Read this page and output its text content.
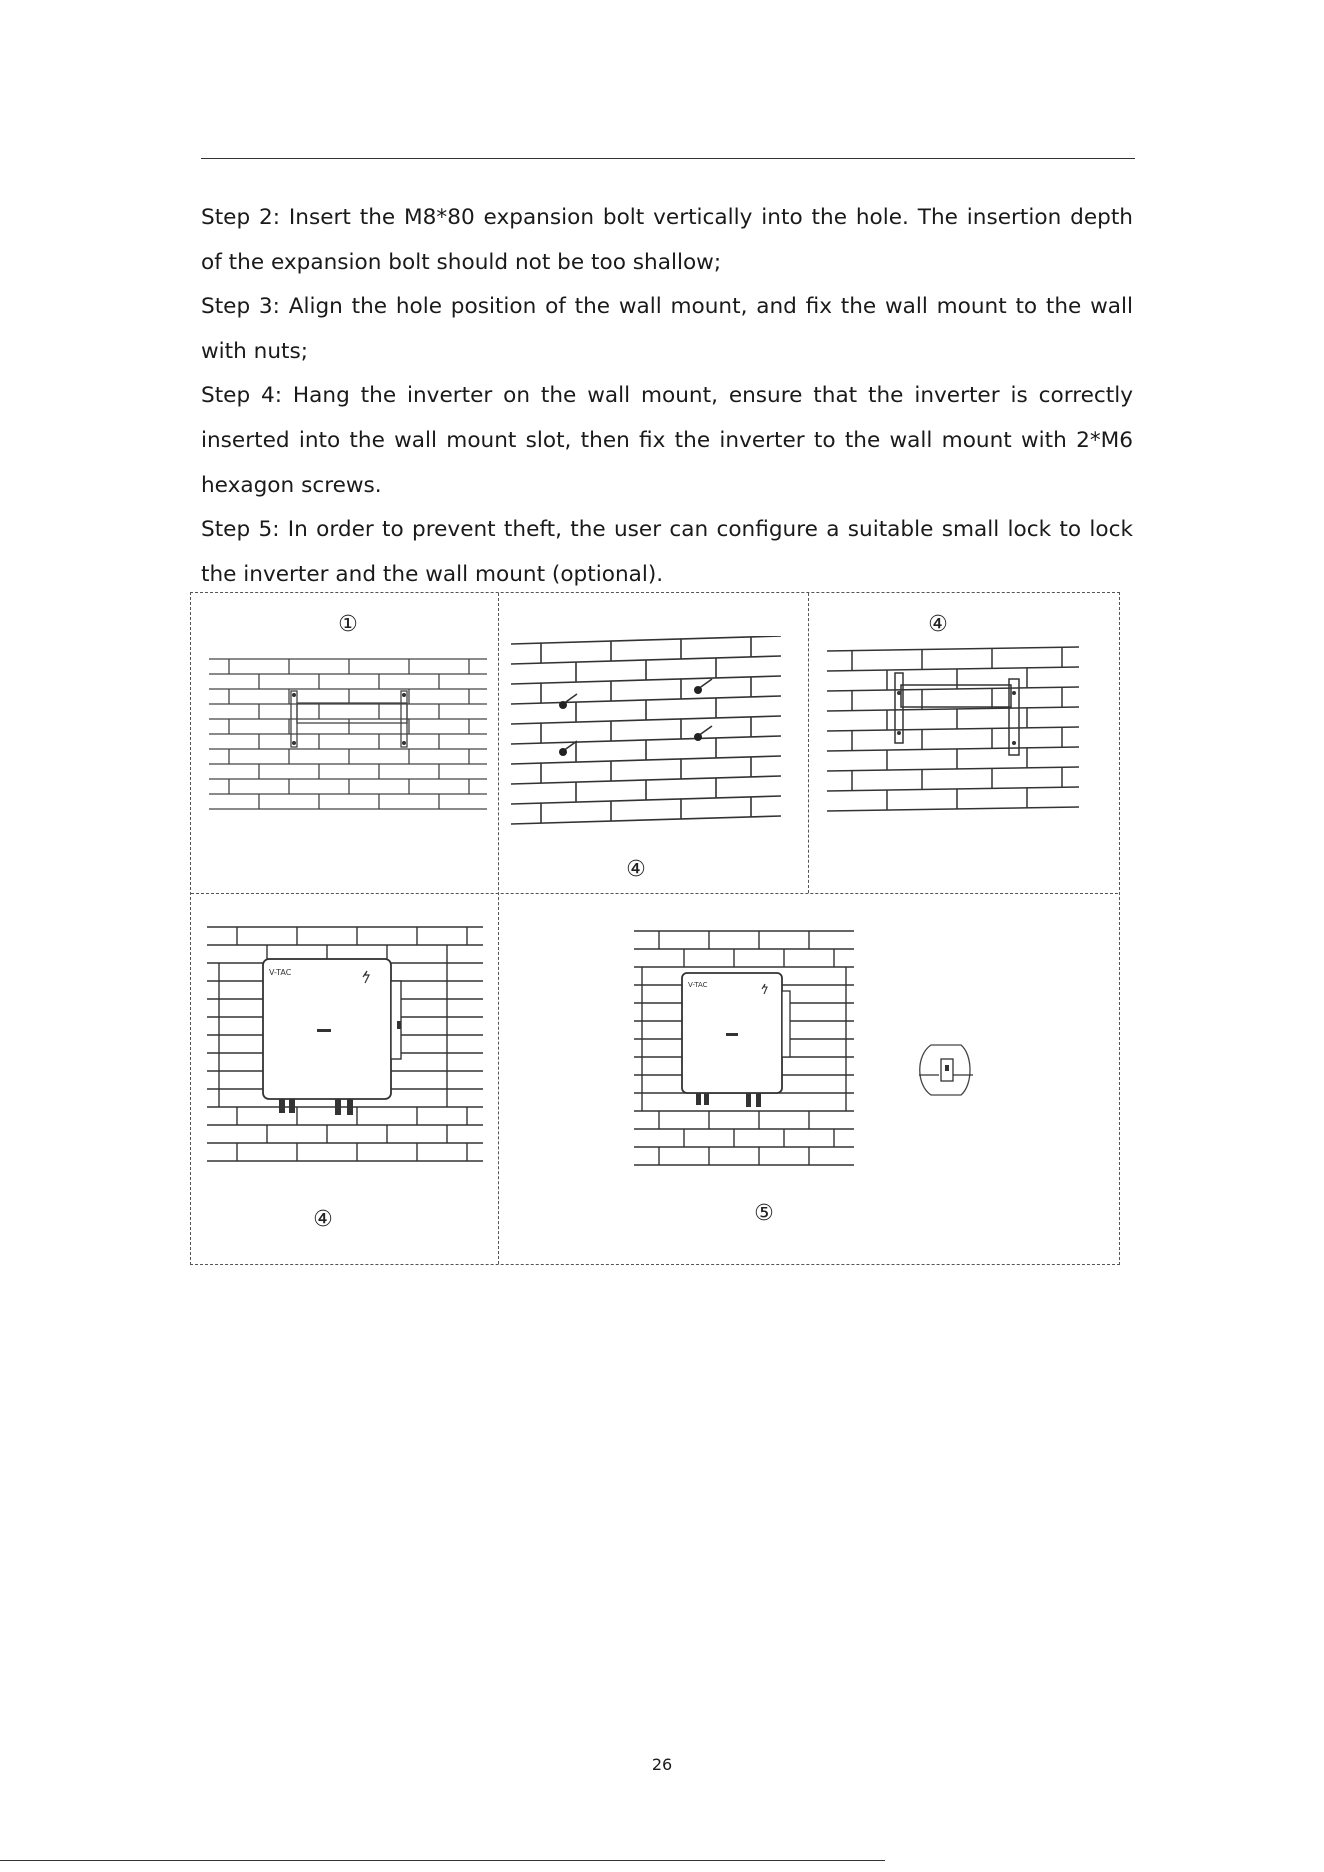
Step 2: Insert the M8*80 expansion bolt vertically into the hole. The insertion depth of the expansion bolt should not be too shallow;

Step 3: Align the hole position of the wall mount, and fix the wall mount to the wall with nuts;

Step 4: Hang the inverter on the wall mount, ensure that the inverter is correctly inserted into the wall mount slot, then fix the inverter to the wall mount with 2*M6 hexagon screws.

Step 5: In order to prevent theft, the user can configure a suitable small lock to lock the inverter and the wall mount (optional).

①
④
④
V-TAC
④
V-TAC
⑤
26
